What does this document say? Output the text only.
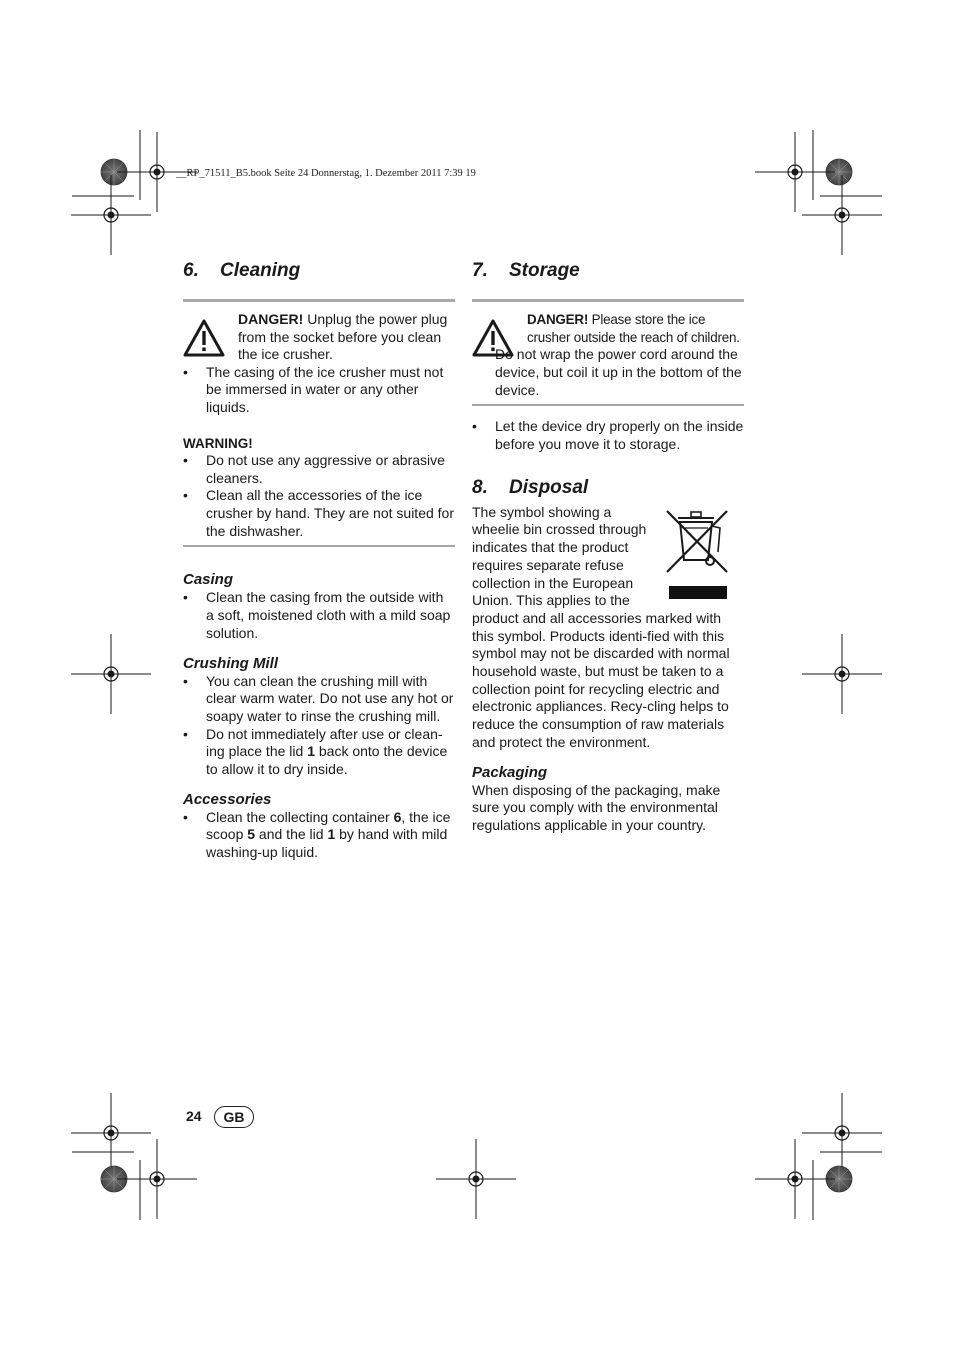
__RP_71511_B5.book Seite 24 Donnerstag, 1. Dezember 2011 7:39 19
6. Cleaning
DANGER! Unplug the power plug from the socket before you clean the ice crusher.
• The casing of the ice crusher must not be immersed in water or any other liquids.
WARNING!
• Do not use any aggressive or abrasive cleaners.
• Clean all the accessories of the ice crusher by hand. They are not suited for the dishwasher.
Casing
• Clean the casing from the outside with a soft, moistened cloth with a mild soap solution.
Crushing Mill
• You can clean the crushing mill with clear warm water. Do not use any hot or soapy water to rinse the crushing mill.
• Do not immediately after use or clean-ing place the lid 1 back onto the device to allow it to dry inside.
Accessories
• Clean the collecting container 6, the ice scoop 5 and the lid 1 by hand with mild washing-up liquid.
7. Storage
DANGER! Please store the ice crusher outside the reach of children.
• Do not wrap the power cord around the device, but coil it up in the bottom of the device.
• Let the device dry properly on the inside before you move it to storage.
8. Disposal
The symbol showing a wheelie bin crossed through indicates that the product requires separate refuse collection in the European Union. This applies to the product and all accessories marked with this symbol. Products identi-fied with this symbol may not be discarded with normal household waste, but must be taken to a collection point for recycling electric and electronic appliances. Recy-cling helps to reduce the consumption of raw materials and protect the environment.
Packaging
When disposing of the packaging, make sure you comply with the environmental regulations applicable in your country.
24	GB
